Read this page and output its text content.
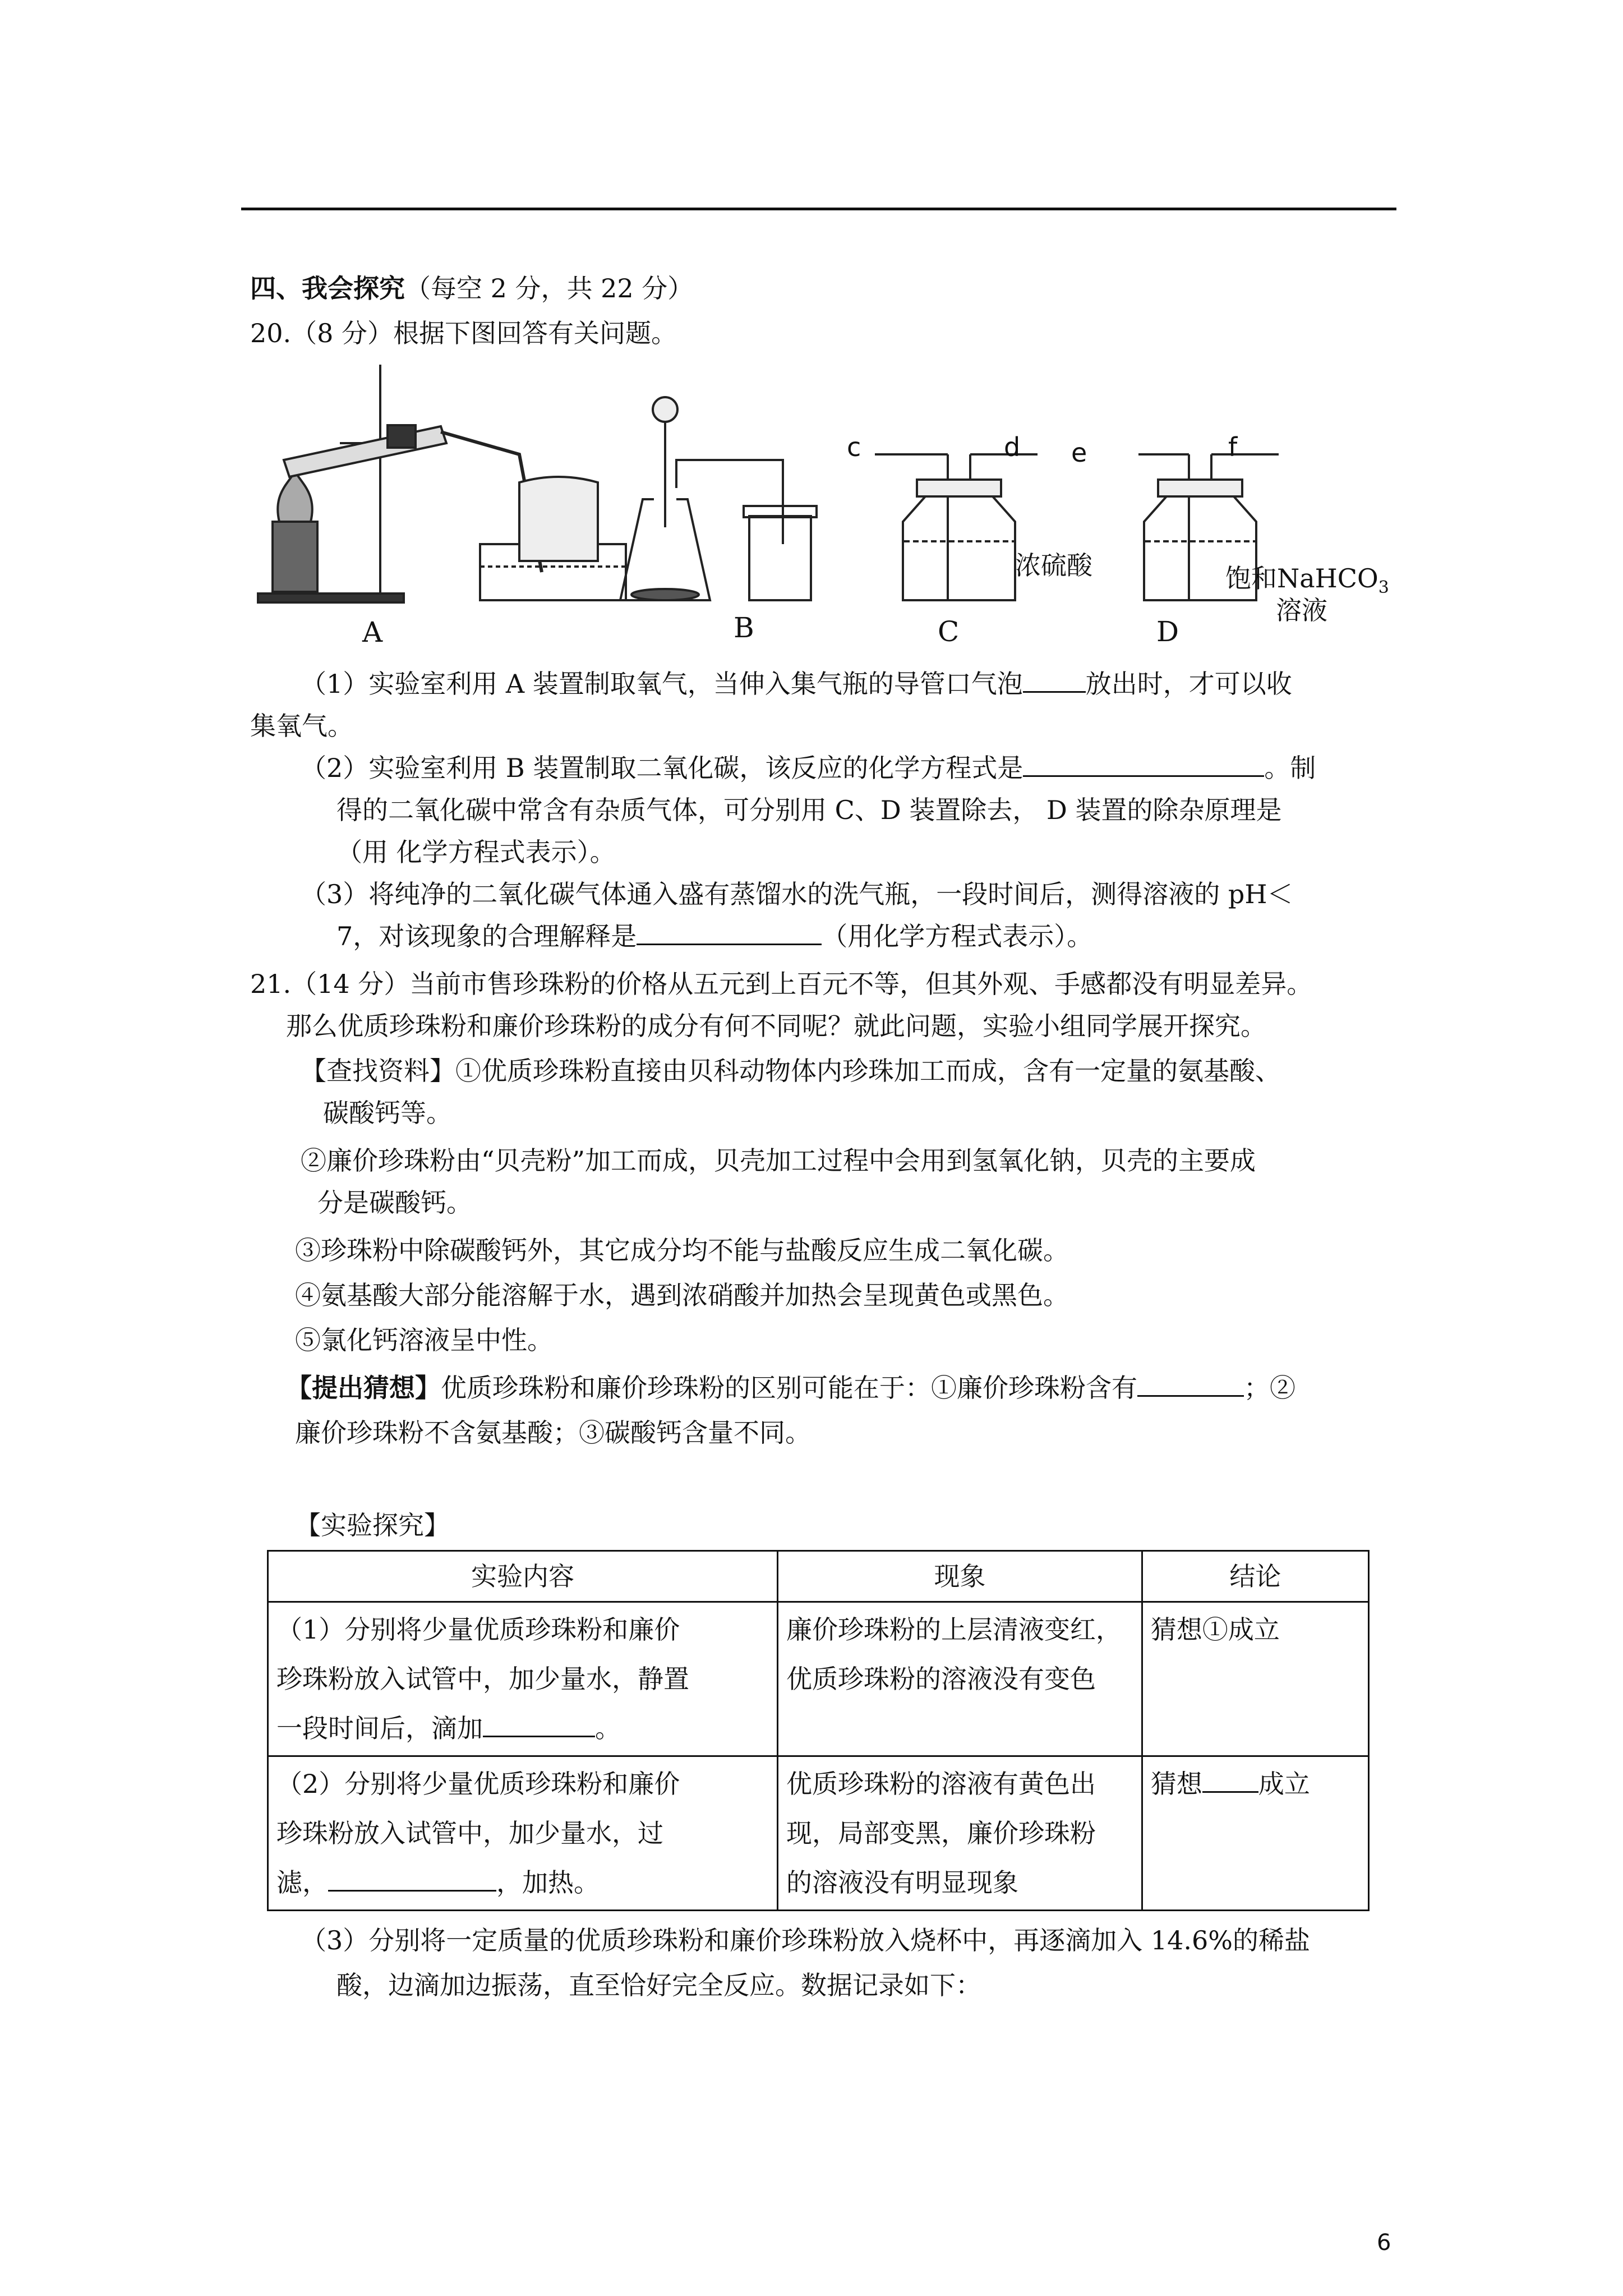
四、我会探究（每空 2 分，共 22 分）
20.（8 分）根据下图回答有关问题。
A	B
c	d e	f
浓硫酸	饱和NaHCO$_3$
溶液
C	D
（1）实验室利用 A 装置制取氧气，当伸入集气瓶的导管口气泡 放出时，才可以收
集氧气。
（2）实验室利用 B 装置制取二氧化碳，该反应的化学方程式是	。制
得的二氧化碳中常含有杂质气体，可分别用 C、D 装置除去， D 装置的除杂原理是
（用 化学方程式表示）。
（3）将纯净的二氧化碳气体通入盛有蒸馏水的洗气瓶，一段时间后，测得溶液的 pH＜
7，对该现象的合理解释是	（用化学方程式表示）。
21.（14 分）当前市售珍珠粉的价格从五元到上百元不等，但其外观、手感都没有明显差异。
那么优质珍珠粉和廉价珍珠粉的成分有何不同呢？就此问题，实验小组同学展开探究。
【查找资料】①优质珍珠粉直接由贝科动物体内珍珠加工而成，含有一定量的氨基酸、
碳酸钙等。
②廉价珍珠粉由“贝壳粉”加工而成，贝壳加工过程中会用到氢氧化钠，贝壳的主要成
分是碳酸钙。
③珍珠粉中除碳酸钙外，其它成分均不能与盐酸反应生成二氧化碳。
④氨基酸大部分能溶解于水，遇到浓硝酸并加热会呈现黄色或黑色。
⑤氯化钙溶液呈中性。
【提出猜想】优质珍珠粉和廉价珍珠粉的区别可能在于：①廉价珍珠粉含有	；②
廉价珍珠粉不含氨基酸；③碳酸钙含量不同。
【实验探究】
实验内容	现象	结论

（1）分别将少量优质珍珠粉和廉价
珍珠粉放入试管中，加少量水，静置
一段时间后，滴加 。	廉价珍珠粉的上层清液变红，
优质珍珠粉的溶液没有变色	猜想①成立

（2）分别将少量优质珍珠粉和廉价
珍珠粉放入试管中，加少量水，过
滤， ，加热。	优质珍珠粉的溶液有黄色出
现，局部变黑，廉价珍珠粉
的溶液没有明显现象	猜想 成立
（3）分别将一定质量的优质珍珠粉和廉价珍珠粉放入烧杯中，再逐滴加入 14.6%的稀盐
酸，边滴加边振荡，直至恰好完全反应。数据记录如下：
6
